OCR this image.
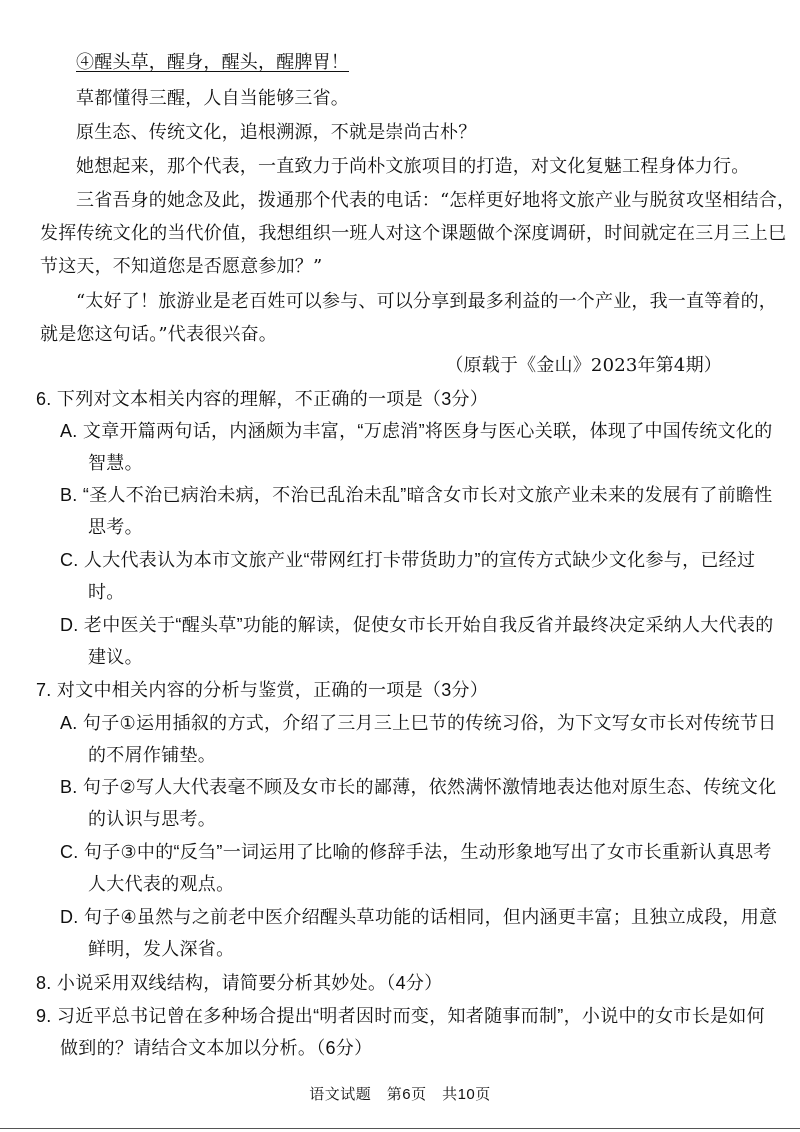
④醒头草，醒身，醒头，醒脾胃！
草都懂得三醒，人自当能够三省。
原生态、传统文化，追根溯源，不就是崇尚古朴？
她想起来，那个代表，一直致力于尚朴文旅项目的打造，对文化复魅工程身体力行。
三省吾身的她念及此，拨通那个代表的电话：“怎样更好地将文旅产业与脱贫攻坚相结合，
发挥传统文化的当代价值，我想组织一班人对这个课题做个深度调研，时间就定在三月三上巳
节这天，不知道您是否愿意参加？”
“太好了！旅游业是老百姓可以参与、可以分享到最多利益的一个产业，我一直等着的，
就是您这句话。”代表很兴奋。
（原载于《金山》2023年第4期）
6. 下列对文本相关内容的理解，不正确的一项是（3分）
A. 文章开篇两句话，内涵颇为丰富，“万虑消”将医身与医心关联，体现了中国传统文化的
智慧。
B. “圣人不治已病治未病，不治已乱治未乱”暗含女市长对文旅产业未来的发展有了前瞻性
思考。
C. 人大代表认为本市文旅产业“带网红打卡带货助力”的宣传方式缺少文化参与，已经过
时。
D. 老中医关于“醒头草”功能的解读，促使女市长开始自我反省并最终决定采纳人大代表的
建议。
7. 对文中相关内容的分析与鉴赏，正确的一项是（3分）
A. 句子①运用插叙的方式，介绍了三月三上巳节的传统习俗，为下文写女市长对传统节日
的不屑作铺垫。
B. 句子②写人大代表毫不顾及女市长的鄙薄，依然满怀激情地表达他对原生态、传统文化
的认识与思考。
C. 句子③中的“反刍”一词运用了比喻的修辞手法，生动形象地写出了女市长重新认真思考
人大代表的观点。
D. 句子④虽然与之前老中医介绍醒头草功能的话相同，但内涵更丰富；且独立成段，用意
鲜明，发人深省。
8. 小说采用双线结构，请简要分析其妙处。（4分）
9. 习近平总书记曾在多种场合提出“明者因时而变，知者随事而制”，小说中的女市长是如何
做到的？请结合文本加以分析。（6分）
语文试题　第6页　共10页
